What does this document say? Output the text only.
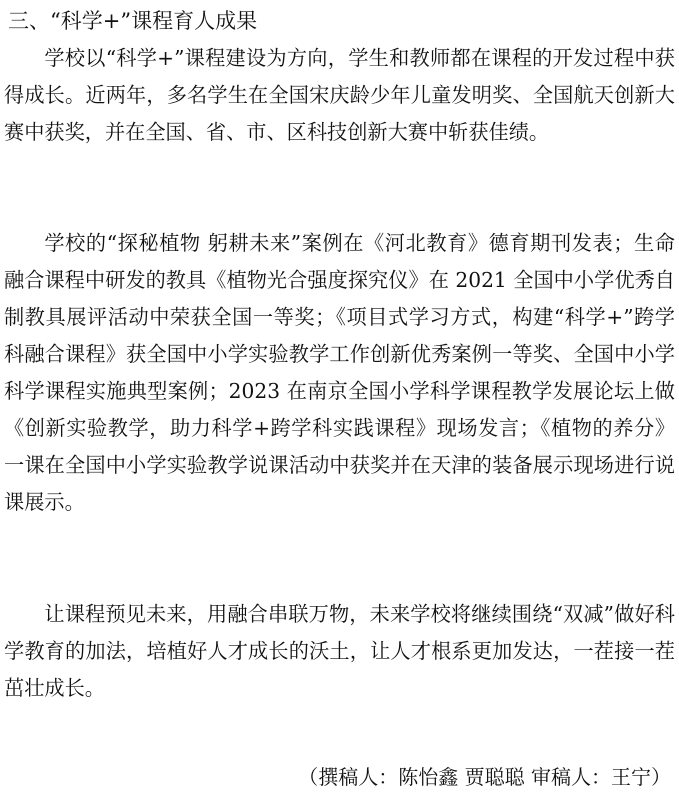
三、“科学+”课程育人成果

学校以“科学+”课程建设为方向，学生和教师都在课程的开发过程中获得成长。近两年，多名学生在全国宋庆龄少年儿童发明奖、全国航天创新大赛中获奖，并在全国、省、市、区科技创新大赛中斩获佳绩。

学校的“探秘植物 躬耕未来”案例在《河北教育》德育期刊发表；生命融合课程中研发的教具《植物光合强度探究仪》在 2021 全国中小学优秀自制教具展评活动中荣获全国一等奖；《项目式学习方式，构建“科学+”跨学科融合课程》获全国中小学实验教学工作创新优秀案例一等奖、全国中小学科学课程实施典型案例；2023 在南京全国小学科学课程教学发展论坛上做《创新实验教学，助力科学+跨学科实践课程》现场发言；《植物的养分》一课在全国中小学实验教学说课活动中获奖并在天津的装备展示现场进行说课展示。

让课程预见未来，用融合串联万物，未来学校将继续围绕“双减”做好科学教育的加法，培植好人才成长的沃土，让人才根系更加发达，一茬接一茬茁壮成长。

（撰稿人：陈怡鑫 贾聪聪 审稿人：王宁）
